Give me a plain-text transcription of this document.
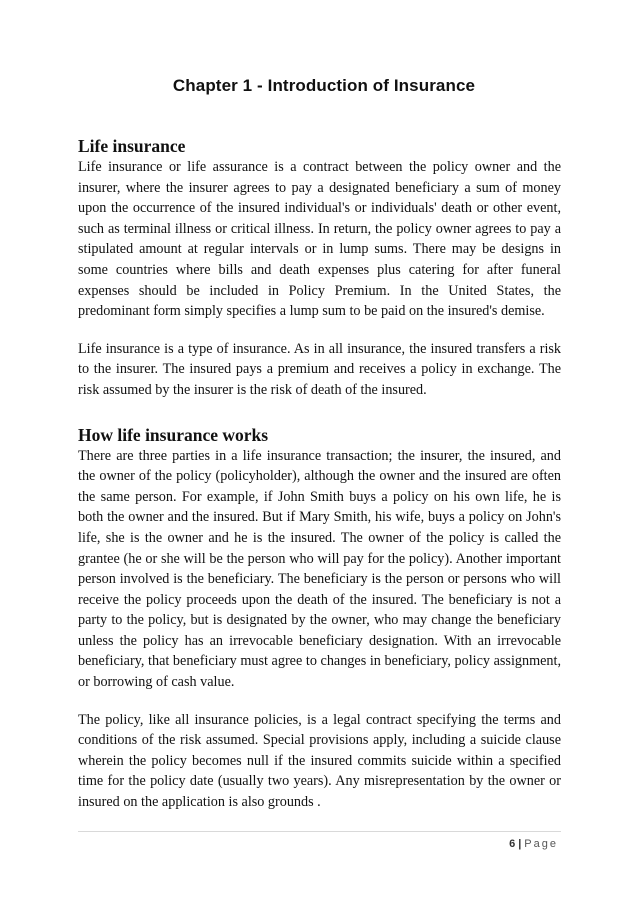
Chapter 1 - Introduction of Insurance
Life insurance

Life insurance or life assurance is a contract between the policy owner and the insurer, where the insurer agrees to pay a designated beneficiary a sum of money upon the occurrence of the insured individual's or individuals' death or other event, such as terminal illness or critical illness. In return, the policy owner agrees to pay a stipulated amount at regular intervals or in lump sums. There may be designs in some countries where bills and death expenses plus catering for after funeral expenses should be included in Policy Premium. In the United States, the predominant form simply specifies a lump sum to be paid on the insured's demise.

Life insurance is a type of insurance. As in all insurance, the insured transfers a risk to the insurer. The insured pays a premium and receives a policy in exchange. The risk assumed by the insurer is the risk of death of the insured.

How life insurance works

There are three parties in a life insurance transaction; the insurer, the insured, and the owner of the policy (policyholder), although the owner and the insured are often the same person. For example, if John Smith buys a policy on his own life, he is both the owner and the insured. But if Mary Smith, his wife, buys a policy on John's life, she is the owner and he is the insured. The owner of the policy is called the grantee (he or she will be the person who will pay for the policy). Another important person involved is the beneficiary. The beneficiary is the person or persons who will receive the policy proceeds upon the death of the insured. The beneficiary is not a party to the policy, but is designated by the owner, who may change the beneficiary unless the policy has an irrevocable beneficiary designation. With an irrevocable beneficiary, that beneficiary must agree to changes in beneficiary, policy assignment, or borrowing of cash value.

The policy, like all insurance policies, is a legal contract specifying the terms and conditions of the risk assumed. Special provisions apply, including a suicide clause wherein the policy becomes null if the insured commits suicide within a specified time for the policy date (usually two years). Any misrepresentation by the owner or insured on the application is also grounds .

6 | Page
